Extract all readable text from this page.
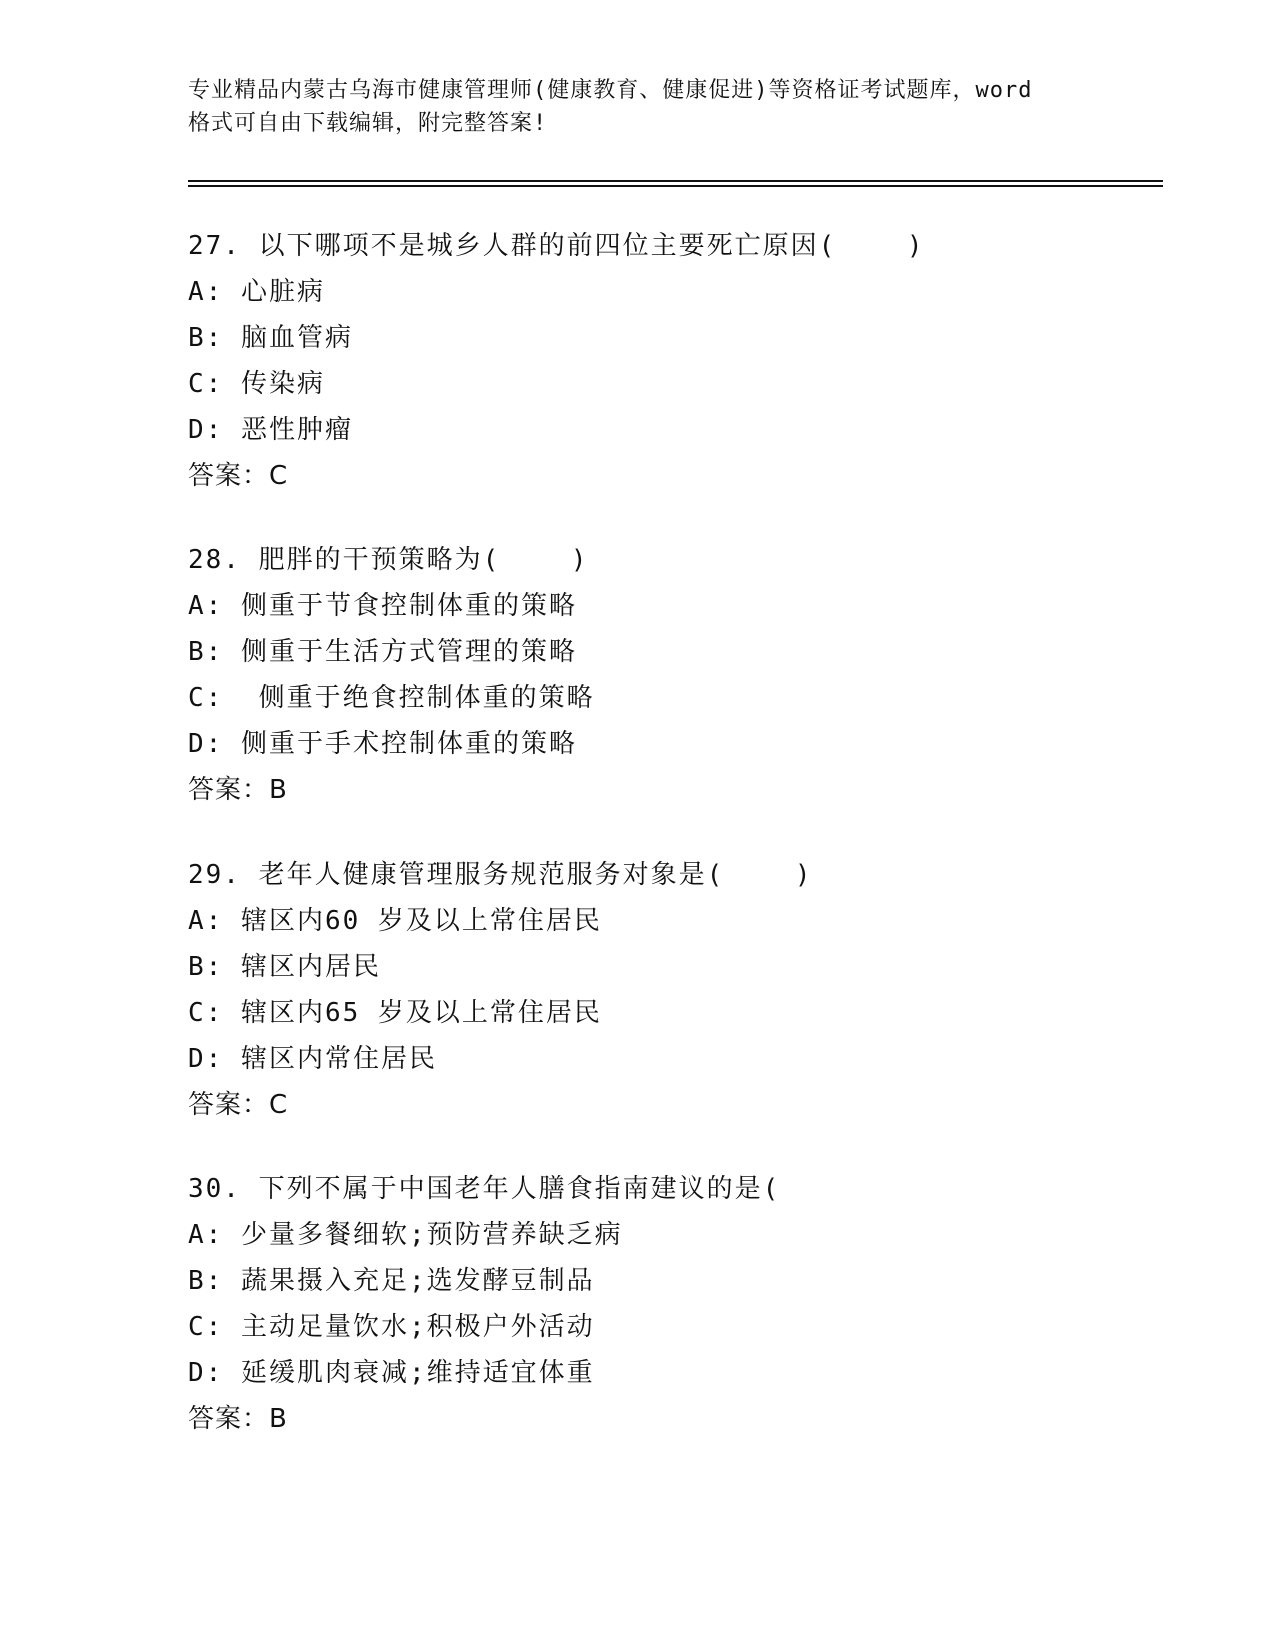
专业精品内蒙古乌海市健康管理师(健康教育、健康促进)等资格证考试题库，word
格式可自由下载编辑，附完整答案!
27. 以下哪项不是城乡人群的前四位主要死亡原因(    )
A: 心脏病
B: 脑血管病
C: 传染病
D: 恶性肿瘤
答案：C
28. 肥胖的干预策略为(    )
A: 侧重于节食控制体重的策略
B: 侧重于生活方式管理的策略
C:  侧重于绝食控制体重的策略
D: 侧重于手术控制体重的策略
答案：B
29. 老年人健康管理服务规范服务对象是(    )
A: 辖区内60 岁及以上常住居民
B: 辖区内居民
C: 辖区内65 岁及以上常住居民
D: 辖区内常住居民
答案：C
30. 下列不属于中国老年人膳食指南建议的是(
A: 少量多餐细软;预防营养缺乏病
B: 蔬果摄入充足;选发酵豆制品
C: 主动足量饮水;积极户外活动
D: 延缓肌肉衰减;维持适宜体重
答案：B
